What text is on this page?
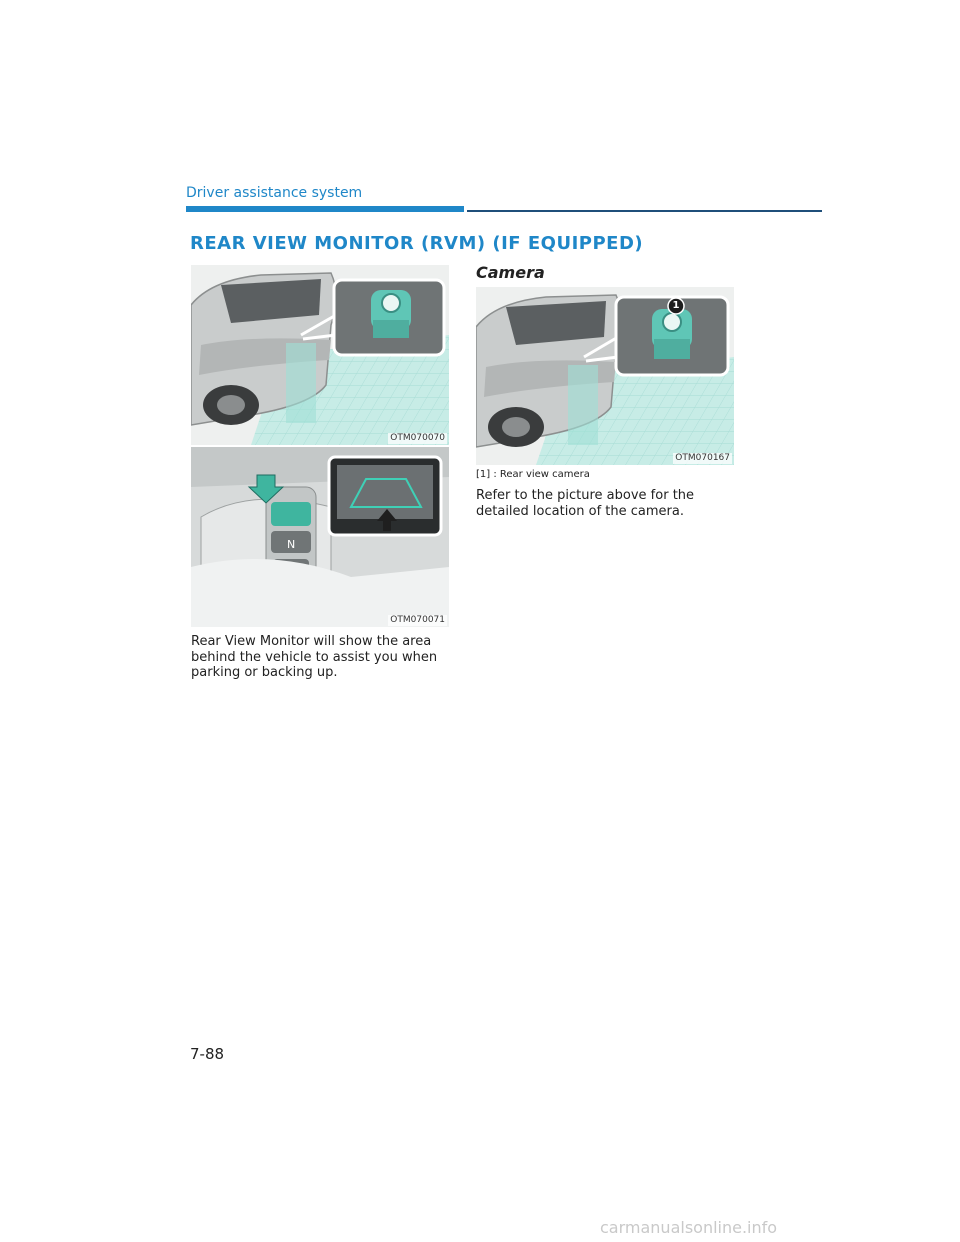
Driver assistance system
REAR VIEW MONITOR (RVM) (IF EQUIPPED)
OTM070070
N
OTM070071
Rear View Monitor will show the area behind the vehicle to assist you when parking or backing up.
Camera
1
OTM070167
[1] : Rear view camera
Refer to the picture above for the detailed location of the camera.
7-88
carmanualsonline.info
